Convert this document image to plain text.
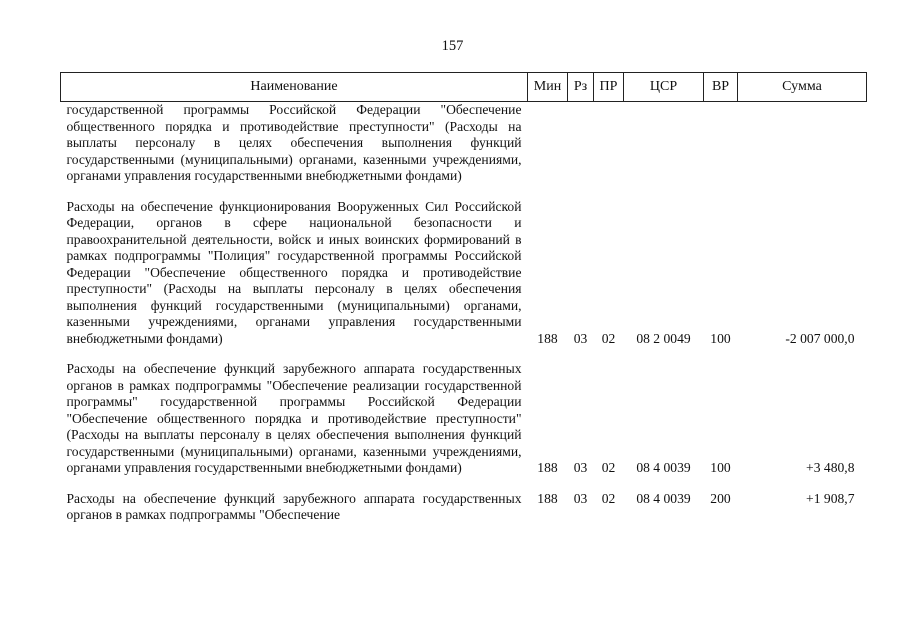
157
Наименование	Мин	Рз	ПР	ЦСР	ВР	Сумма
государственной программы Российской Федерации "Обеспечение общественного порядка и противодействие преступности" (Расходы на выплаты персоналу в целях обеспечения выполнения функций государственными (муниципальными) органами, казенными учреждениями, органами управления государственными внебюджетными фондами)						

Расходы на обеспечение функционирования Вооруженных Сил Российской Федерации, органов в сфере национальной безопасности и правоохранительной деятельности, войск и иных воинских формирований в рамках подпрограммы "Полиция" государственной программы Российской Федерации "Обеспечение общественного порядка и противодействие преступности" (Расходы на выплаты персоналу в целях обеспечения выполнения функций государственными (муниципальными) органами, казенными учреждениями, органами управления государственными внебюджетными фондами)	188	03	02	08 2 0049	100	-2 007 000,0

Расходы на обеспечение функций зарубежного аппарата государственных органов в рамках подпрограммы "Обеспечение реализации государственной программы" государственной программы Российской Федерации "Обеспечение общественного порядка и противодействие преступности" (Расходы на выплаты персоналу в целях обеспечения выполнения функций государственными (муниципальными) органами, казенными учреждениями, органами управления государственными внебюджетными фондами)	188	03	02	08 4 0039	100	+3 480,8

Расходы на обеспечение функций зарубежного аппарата государственных органов в рамках подпрограммы "Обеспечение	188	03	02	08 4 0039	200	+1 908,7
